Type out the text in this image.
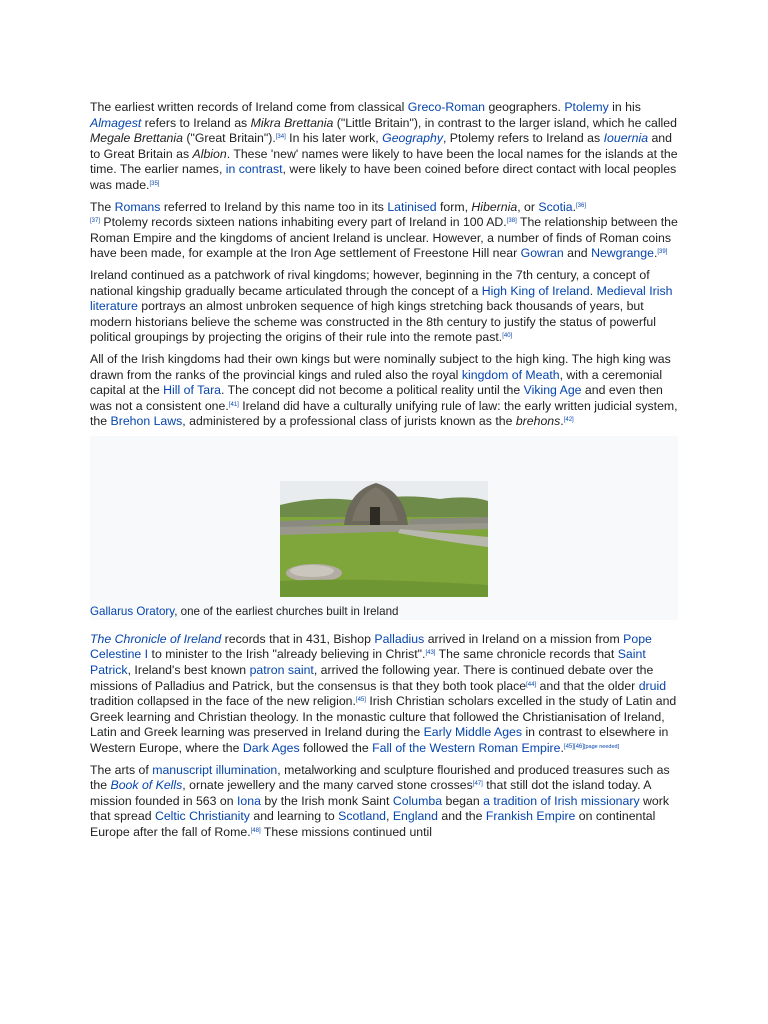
The earliest written records of Ireland come from classical Greco-Roman geographers. Ptolemy in his Almagest refers to Ireland as Mikra Brettania ("Little Britain"), in contrast to the larger island, which he called Megale Brettania ("Great Britain").[34] In his later work, Geography, Ptolemy refers to Ireland as Iouernia and to Great Britain as Albion. These 'new' names were likely to have been the local names for the islands at the time. The earlier names, in contrast, were likely to have been coined before direct contact with local peoples was made.[35]

The Romans referred to Ireland by this name too in its Latinised form, Hibernia, or Scotia.[36]
[37] Ptolemy records sixteen nations inhabiting every part of Ireland in 100 AD.[38] The relationship between the Roman Empire and the kingdoms of ancient Ireland is unclear. However, a number of finds of Roman coins have been made, for example at the Iron Age settlement of Freestone Hill near Gowran and Newgrange.[39]

Ireland continued as a patchwork of rival kingdoms; however, beginning in the 7th century, a concept of national kingship gradually became articulated through the concept of a High King of Ireland. Medieval Irish literature portrays an almost unbroken sequence of high kings stretching back thousands of years, but modern historians believe the scheme was constructed in the 8th century to justify the status of powerful political groupings by projecting the origins of their rule into the remote past.[40]

All of the Irish kingdoms had their own kings but were nominally subject to the high king. The high king was drawn from the ranks of the provincial kings and ruled also the royal kingdom of Meath, with a ceremonial capital at the Hill of Tara. The concept did not become a political reality until the Viking Age and even then was not a consistent one.[41] Ireland did have a culturally unifying rule of law: the early written judicial system, the Brehon Laws, administered by a professional class of jurists known as the brehons.[42]

Gallarus Oratory, one of the earliest churches built in Ireland

The Chronicle of Ireland records that in 431, Bishop Palladius arrived in Ireland on a mission from Pope Celestine I to minister to the Irish "already believing in Christ".[43] The same chronicle records that Saint Patrick, Ireland's best known patron saint, arrived the following year. There is continued debate over the missions of Palladius and Patrick, but the consensus is that they both took place[44] and that the older druid tradition collapsed in the face of the new religion.[45] Irish Christian scholars excelled in the study of Latin and Greek learning and Christian theology. In the monastic culture that followed the Christianisation of Ireland, Latin and Greek learning was preserved in Ireland during the Early Middle Ages in contrast to elsewhere in Western Europe, where the Dark Ages followed the Fall of the Western Roman Empire.[45][46][page needed]

The arts of manuscript illumination, metalworking and sculpture flourished and produced treasures such as the Book of Kells, ornate jewellery and the many carved stone crosses[47] that still dot the island today. A mission founded in 563 on Iona by the Irish monk Saint Columba began a tradition of Irish missionary work that spread Celtic Christianity and learning to Scotland, England and the Frankish Empire on continental Europe after the fall of Rome.[48] These missions continued until
